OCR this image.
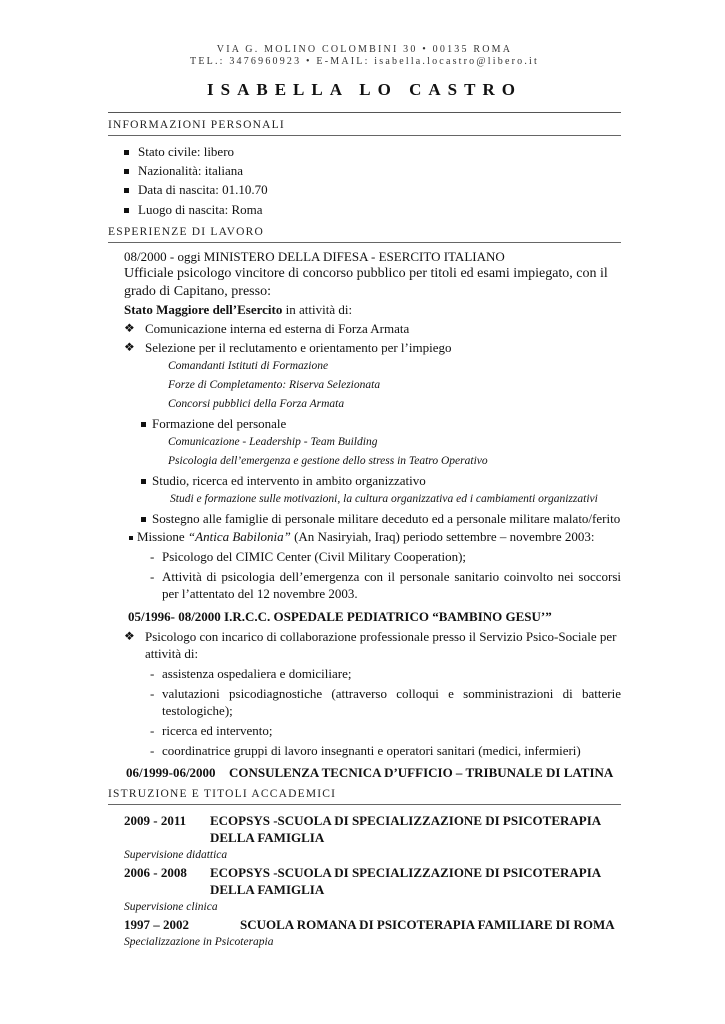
VIA G. MOLINO COLOMBINI 30 • 00135 ROMA
TEL.: 3476960923 • E-MAIL: isabella.locastro@libero.it
ISABELLA LO CASTRO
INFORMAZIONI PERSONALI
Stato civile: libero
Nazionalità: italiana
Data di nascita: 01.10.70
Luogo di nascita: Roma
ESPERIENZE DI LAVORO
08/2000 - oggi MINISTERO DELLA DIFESA - ESERCITO ITALIANO
Ufficiale psicologo vincitore di concorso pubblico per titoli ed esami impiegato, con il grado di Capitano, presso:
Stato Maggiore dell’Esercito in attività di:
❖ Comunicazione interna ed esterna di Forza Armata
❖ Selezione per il reclutamento e orientamento per l’impiego
Comandanti Istituti di Formazione
Forze di Completamento: Riserva Selezionata
Concorsi pubblici della Forza Armata
Formazione del personale
Comunicazione - Leadership - Team Building
Psicologia dell’emergenza e gestione dello stress in Teatro Operativo
Studio, ricerca ed intervento in ambito organizzativo
Studi e formazione sulle motivazioni, la cultura organizzativa ed i cambiamenti organizzativi
Sostegno alle famiglie di personale militare deceduto ed a personale militare malato/ferito
Missione “Antica Babilonia” (An Nasiryiah, Iraq) periodo settembre – novembre 2003:
- Psicologo del CIMIC Center (Civil Military Cooperation);
- Attività di psicologia dell’emergenza con il personale sanitario coinvolto nei soccorsi per l’attentato del 12 novembre 2003.
05/1996- 08/2000 I.R.C.C. OSPEDALE PEDIATRICO “BAMBINO GESU’”
❖ Psicologo con incarico di collaborazione professionale presso il Servizio Psico-Sociale per attività di:
- assistenza ospedaliera e domiciliare;
- valutazioni psicodiagnostiche (attraverso colloqui e somministrazioni di batterie testologiche);
- ricerca ed intervento;
- coordinatrice gruppi di lavoro insegnanti e operatori sanitari (medici, infermieri)
06/1999-06/2000	CONSULENZA TECNICA D’UFFICIO – TRIBUNALE DI LATINA
ISTRUZIONE E TITOLI ACCADEMICI
2009 - 2011	ECOPSYS -SCUOLA DI SPECIALIZZAZIONE DI PSICOTERAPIA DELLA FAMIGLIA
Supervisione didattica
2006 - 2008	ECOPSYS -SCUOLA DI SPECIALIZZAZIONE DI PSICOTERAPIA DELLA FAMIGLIA
Supervisione clinica
1997 – 2002	SCUOLA ROMANA DI PSICOTERAPIA FAMILIARE DI ROMA
Specializzazione in Psicoterapia
